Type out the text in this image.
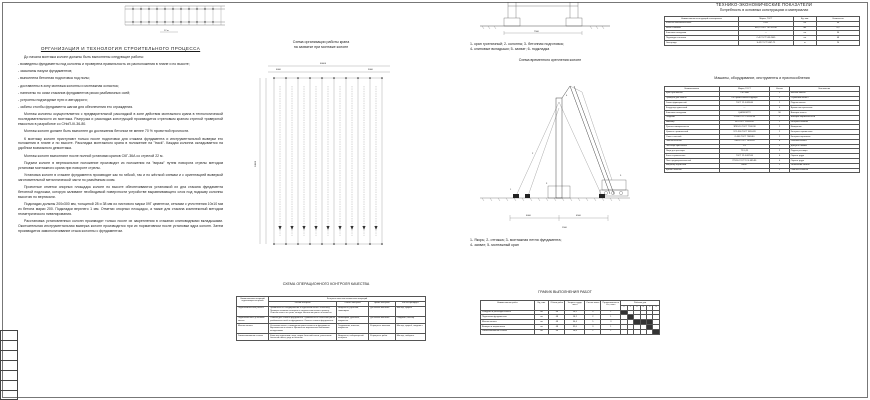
12 м
ОРГАНИЗАЦИЯ И ТЕХНОЛОГИЯ СТРОИТЕЛЬНОГО ПРОЦЕССА

До начала монтажа колонн должны быть выполнены следующие работы:

- возведены фундаменты под колонны и проверена правильность их расположения в плане и по высоте;

- засыпаны пазухи фундаментов;

- выполнена бетонная подготовка под полы;

- доставлены в зону монтажа колонны и монтажная оснастка;

- нанесены по осям стаканов фундаментов риски разбивочных осей;

- устроены подъездные пути и автодороги;

- забиты столбы фундамента шагом для обеспечения его ограждения.

Монтаж колонны осуществляется с предварительной раскладкой в зоне действия монтажного крана в технологической последовательности их монтажа. Разгрузка и раскладка конструкций производится стреловым краном стрелой траверсной емкостью в разработке со СНиП-III-36-80.

Монтаж колонн должен быть выполнен до достижения бетоном не менее 70 % проектной прочности.

К монтажу колонн приступают только после подготовки для стакана фундамента и инструментальной выверки его положения в плане и по высоте. Раскладка монтажного крана в положение на "track". Каждая колонна складывается на удобном возможного демонтажа.

Монтаж колонн выполняют после полной установки кранов СКГ-36А со стрелой 22 м.

Подъем колонн в вертикальное положение производят из положения на "вираж" путем поворота стрелы методом установки монтажного крана при повороте стрелы.

Установка колонн в стакане фундамента производят как по гибкой, так и по жёсткой схемам и с ориентацией выверкой заготовительной металлической части по разъёмным осям.

Проектные отметки опорных площадок колонн по высоте обеспечиваются установкой их дна стакана фундамента бетонной подложки, которую заливают необходимой поверхности устройстве выравнивающего слоя под подошву колонны высотою по вертикали.

Подкладки должны 200x300 мм, толщиной 28 и 38 мм из листового марки 09Г цементом, сетками с уплотнения 10x10 мм из бетона марки 200. Подкладки верхнего 1 мм. Отметки опорных площадок, а также для стакана комплексный методом геометрического нивелирования.

Расстановка установленных колонн производят только после их закрепления в стаканах клиновидными вкладышами. Окончательная инструментальная выверка колонн производится при их нормативном после установки ядра колонн. Затем производится замоноличивание стыка колонны с фундаментом.

Схема организации работы крана
на захватке при монтаже колонн
60000
24000
6000	3000
СХЕМА ОПЕРАЦИОННОГО КОНТРОЛЯ КАЧЕСТВА
Наименование операций подлежащих контролю	Контроль качества выполнения операций			
	состав контроля	способ контроля	время контроля	кто контролирует
Подготовительные работы	Правильность складирования и подготовки колонн к монтажу. Проверка наличия паспортов и соответствия колонн проекту. Очистка колонн от грязи, наледи. Нанесение рисок на колонны.	Визуально, рулеткой, нивелиром	До начала монтажа	Мастер, прораб
Подготовка мест установки колонн	Отметки дна стакана фундамента. Правильность нанесения рисок разбивочных осей на фундаменте. Очистка стакана фундамента.	Нивелиром, рулеткой, визуально	До начала монтажа	Геодезист, мастер
Монтаж колонн	Установка колонн, совмещение рисок колонны и фундамента. Вертикальность колонн. Временное закрепление клиновыми вкладышами.	Теодолитом, отвесом, визуально	В процессе монтажа	Мастер, прораб, геодезист
Замоноличивание стыков	Качество подготовки стыка, марка бетонной смеси, уплотнение бетонной смеси, уход за бетоном.	Визуально, лабораторный контроль	В процессе работ	Мастер, лаборант
7500
1- кран гусеничный; 2- колонна; 3- бетонная подготовка;
4- клиновые вкладыши; 5- захват; 6- подкладка
Схема временного крепления колонн
6000	4500
1500
1
2
3
4
5
1- Якорь; 2- оттяжка; 3- монтажная петля фундамента;
4- захват; 5- монтажный кран
ГРАФИК ВЫПОЛНЕНИЯ РАБОТ
Наименование работ	Ед. изм.	Объем работ	Затраты труда, чел-ч	Состав звена	Продолжительность, смен	Рабочие дни					
						1	2	3	4	5	6
Разгрузка и раскладка колонн	шт	48	24,5	4	1						
Подготовка фундаментов	шт	48	18,2	2	1						
Монтаж колонн	шт	48	96,4	5	3						
Выверка и закрепление	шт	48	32,0	3	1						
Замоноличивание стыков	шт	48	28,6	2	1						
ТЕХНИКО-ЭКОНОМИЧЕСКИЕ ПОКАЗАТЕЛИ
Потребность в основных конструкциях и материалах
Наименование конструкций и материалов	Марка, ГОСТ	Ед. изм.	Количество
Колонны железобетонные	КЭ-1	шт	48
Бетон тяжелый	В22,5 ГОСТ 7473-2010	м3	6,2
Клиновые вкладыши	—	шт	96
Подкладки стальные	Ст3 ГОСТ 535-2005	шт	48
Электроды	Э-42 ГОСТ 9467-75	кг	24
Машины, оборудование, инструменты и приспособления
Наименование	Марка, ГОСТ	Кол-во	Назначение
Кран гусеничный	СКГ-36А	1	Монтаж колонн
Траверса для колонн	ПИ Промстальконструкция	1	Строповка колонн
Захват фрикционный	ГОСТ 12.4.089-86	2	Подъем колонн
Кондуктор одиночный	—	4	Временное крепление
Клиновые вкладыши	ЦНИИОМТП	96	Выверка колонн
Теодолит	2Т30П ГОСТ 10529-96	1	Выверка вертикальности
Нивелир	Н-3 ГОСТ 10528-90	1	Контроль отметок
Рулетка измерительная	ЗПК3-10 ГОСТ 7502-98	2	Измерения
Уровень строительный	УС1-300 ГОСТ 9416-83	2	Контроль горизонтали
Отвес стальной	О-400 ГОСТ 7948-80	2	Контроль вертикали
Лом монтажный	ЛМ-24 ГОСТ 1405-83	4	Рихтовка колонн
Лестница приставная	Л-1	2	Доступ к стыкам
Ящик для раствора	ТР-0,25	2	Подача раствора
Каска строительная	ГОСТ 12.4.087-84	6	Охрана труда
Пояс предохранительный	ПП-1Б ГОСТ 12.4.089-86	4	Охрана труда
Вибратор глубинный	ИВ-47	1	Уплотнение бетона
Щетка стальная	—	2	Очистка стаканов
